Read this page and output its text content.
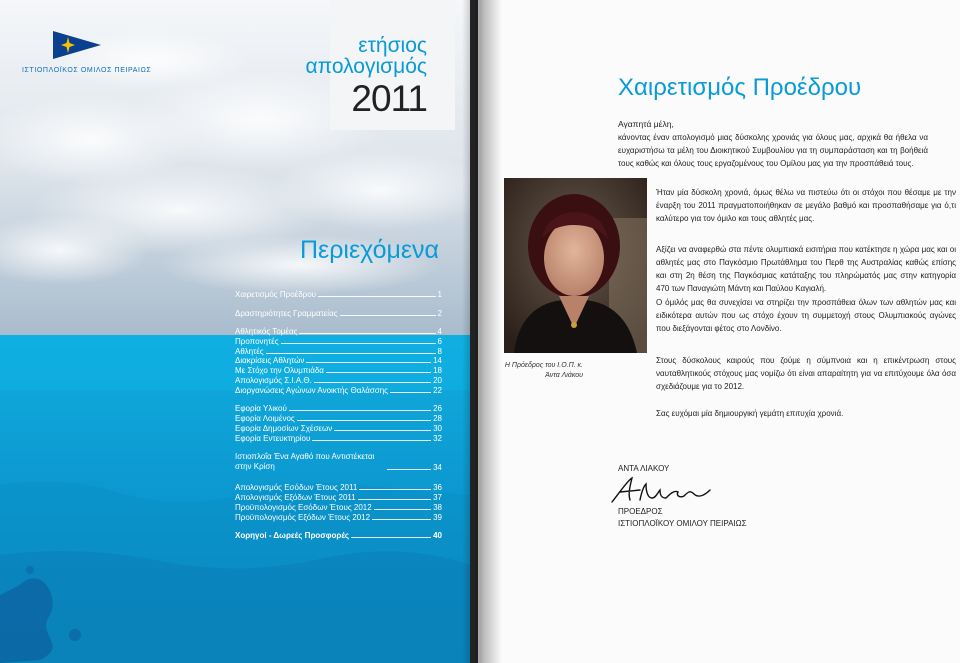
ετήσιος
απολογισμός
2011
ΙΣΤΙΟΠΛΟΪΚΟΣ ΟΜΙΛΟΣ ΠΕΙΡΑΙΩΣ
Περιεχόμενα
Χαιρετισμός Προέδρου	1
Δραστηριότητες Γραμματείας	2
Αθλητικός Τομέας	4
Προπονητές	6
Αθλητές	8
Διακρίσεις Αθλητών	14
Με Στόχο την Ολυμπιάδα	18
Απολογισμός Σ.Ι.Α.Θ.	20
Διοργανώσεις Αγώνων Ανοικτής Θαλάσσης	22
Εφορία Υλικού	26
Εφορία Λοιμένος	28
Εφορία Δημοσίων Σχέσεων	30
Εφορία Εντευκτηρίου	32
Ιστιοπλοΐα Ένα Αγαθό που Αντιστέκεται στην Κρίση	34
Απολογισμός Εσόδων Έτους 2011	36
Απολογισμός Εξόδων Έτους 2011	37
Προϋπολογισμός Εσόδων Έτους 2012	38
Προϋπολογισμός Εξόδων Έτους 2012	39
Χορηγοί - Δωρεές Προσφορές	40
Χαιρετισμός Προέδρου
Αγαπητά μέλη,
κάνοντας έναν απολογισμό μιας δύσκολης χρονιάς για όλους μας, αρχικά θα ήθελα να ευχαριστήσω τα μέλη του Διοικητικού Συμβουλίου για τη συμπαράσταση και τη βοήθειά τους καθώς και όλους τους εργαζομένους του Ομίλου μας για την προσπάθειά τους.
Η Πρόεδρος του Ι.Ο.Π. κ. Άντα Λιάκου
Ήταν μία δύσκολη χρονιά, όμως θέλω να πιστεύω ότι οι στόχοι που θέσαμε με την έναρξη του 2011 πραγματοποιήθηκαν σε μεγάλο βαθμό και προσπαθήσαμε για ό,τι καλύτερο για τον όμιλο και τους αθλητές μας.
Αξίζει να αναφερθώ στα πέντε ολυμπιακά εισιτήρια που κατέκτησε η χώρα μας και οι αθλητές μας στο Παγκόσμιο Πρωτάθλημα του Περθ της Αυστραλίας καθώς επίσης και στη 2η θέση της Παγκόσμιας κατάταξης του πληρώματός μας στην κατηγορία 470 των Παναγιώτη Μάντη και Παύλου Καγιαλή.
Ο όμιλός μας θα συνεχίσει να στηρίζει την προσπάθεια όλων των αθλητών μας και ειδικότερα αυτών που ως στόχο έχουν τη συμμετοχή στους Ολυμπιακούς αγώνες που διεξάγονται φέτος στο Λονδίνο.
Στους δύσκολους καιρούς που ζούμε η σύμπνοια και η επικέντρωση στους ναυταθλητικούς στόχους μας νομίζω ότι είναι απαραίτητη για να επιτύχουμε όλα όσα σχεδιάζουμε για το 2012.
Σας ευχόμαι μία δημιουργική γεμάτη επιτυχία χρονιά.
ΑΝΤΑ ΛΙΑΚΟΥ
ΠΡΟΕΔΡΟΣ
ΙΣΤΙΟΠΛΟΪΚΟΥ ΟΜΙΛΟΥ ΠΕΙΡΑΙΩΣ
